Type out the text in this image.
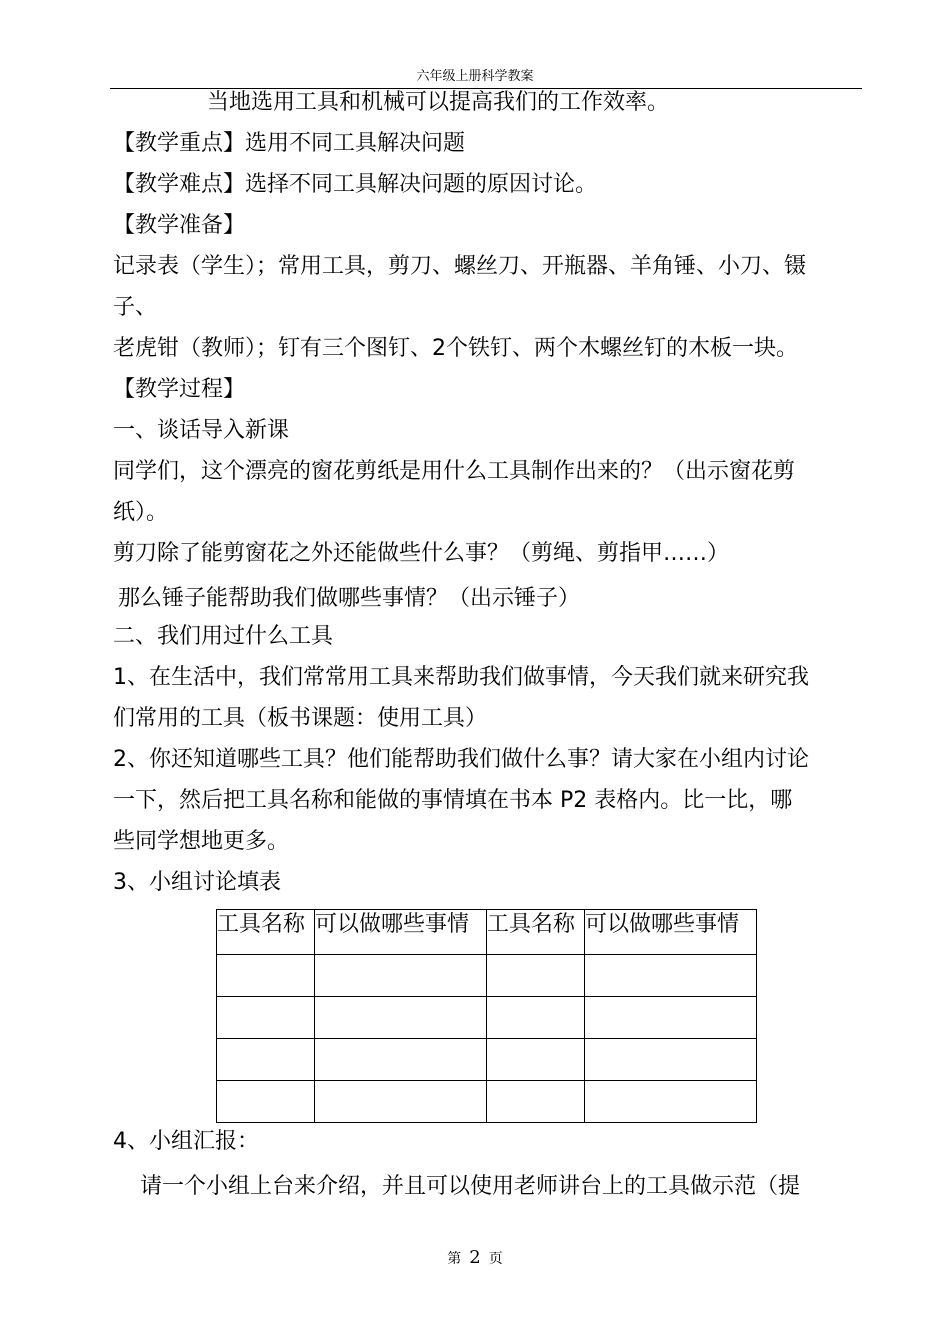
六年级上册科学教案
当地选用工具和机械可以提高我们的工作效率。
【教学重点】选用不同工具解决问题
【教学难点】选择不同工具解决问题的原因讨论。
【教学准备】
记录表（学生）；常用工具，剪刀、螺丝刀、开瓶器、羊角锤、小刀、镊
子、
老虎钳（教师）；钉有三个图钉、2个铁钉、两个木螺丝钉的木板一块。
【教学过程】
一、谈话导入新课
同学们，这个漂亮的窗花剪纸是用什么工具制作出来的？（出示窗花剪
纸）。
剪刀除了能剪窗花之外还能做些什么事？（剪绳、剪指甲……）
那么锤子能帮助我们做哪些事情？（出示锤子）
二、我们用过什么工具
1、在生活中，我们常常用工具来帮助我们做事情，今天我们就来研究我
们常用的工具（板书课题：使用工具）
2、你还知道哪些工具？他们能帮助我们做什么事？请大家在小组内讨论
一下，然后把工具名称和能做的事情填在书本 P2 表格内。比一比，哪
些同学想地更多。
3、小组讨论填表
工具名称	可以做哪些事情	工具名称	可以做哪些事情

4、小组汇报：
请一个小组上台来介绍，并且可以使用老师讲台上的工具做示范（提
第 2 页
